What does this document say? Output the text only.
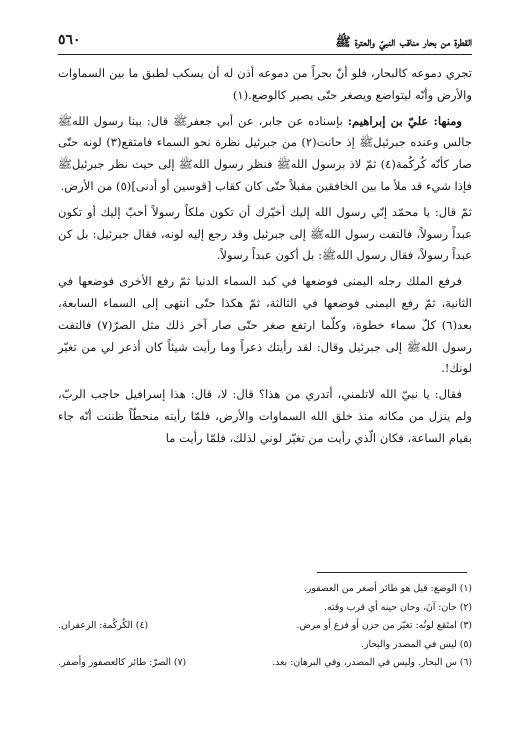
القطرة من بحار مناقب النبيّ والعترة ﷺ
٥٦٠

تجري دموعه كالبحار، فلو أنّ بحراً من دموعه أذن له أن يسكب لطبق ما بين السماوات والأرض وأنّه ليتواضع ويصغر حتّى يصير كالوضع.(١)

ومنها: عليّ بن إبراهيم: بإسناده عن جابر، عن أبي جعفرﷺ قال: بينا رسول اللهﷺ جالس وعنده جبرئيلﷺ إذ حانت(٢) من جبرئيل نظرة نحو السماء فامتقع(٣) لونه حتّى صار كأنّه كُركُمة(٤) ثمّ لاذ برسول اللهﷺ فنظر رسول اللهﷺ إلى حيث نظر جبرئيلﷺ فإذا شيء قد ملأ ما بين الخافقين مقبلاً حتّى كان كقاب [قوسين أو أدنى](٥) من الأرض.

ثمّ قال: يا محمّد إنّي رسول الله إليك أخيّرك أن تكون ملكاً رسولاً أحبّ إليك أو تكون عبداً رسولاً، فالتفت رسول اللهﷺ إلى جبرئيل وقد رجع إليه لونه، فقال جبرئيل: بل كن عبداً رسولاً، فقال رسول اللهﷺ: بل أكون عبداً رسولاً.

فرفع الملك رجله اليمنى فوضعها في كبد السماء الدنيا ثمّ رفع الأخرى فوضعها في الثانية، ثمّ رفع اليمنى فوضعها في الثالثة، ثمّ هكذا حتّى انتهى إلى السماء السابعة، بعد(٦) كلّ سماء خطوة، وكلّما ارتفع صغر حتّى صار آخر ذلك مثل الصرّ(٧) فالتفت رسول اللهﷺ إلى جبرئيل وقال: لقد رأيتك ذعراً وما رأيت شيئاً كان أذعر لي من تغيّر لونك!.

فقال: يا نبيّ الله لاتلمني، أتدري من هذا؟ قال: لا، قال: هذا إسرافيل حاجب الربّ، ولم ينزل من مكانه منذ خلق الله السماوات والأرض، فلمّا رأيته منحطّاً ظننت أنّه جاء بقيام الساعة، فكان الّذي رأيت من تغيّر لوني لذلك، فلمّا رأيت ما

(١) الوضع: قيل هو طائر أصغر من العصفور.
(٢) حان: آنَ، وحان حينه أي قرب وقته.
(٣) امتَقع لونُه: تغيّر من حزن أو فزع أو مرض.
(٤) الكُركُمة: الزعفران.
(٥) ليس في المصدر والبحار.
(٦) س البحار. وليس في المصدر، وفي البرهان: بعد.
(٧) الصرّ: طائر كالعصفور وأصفر.
